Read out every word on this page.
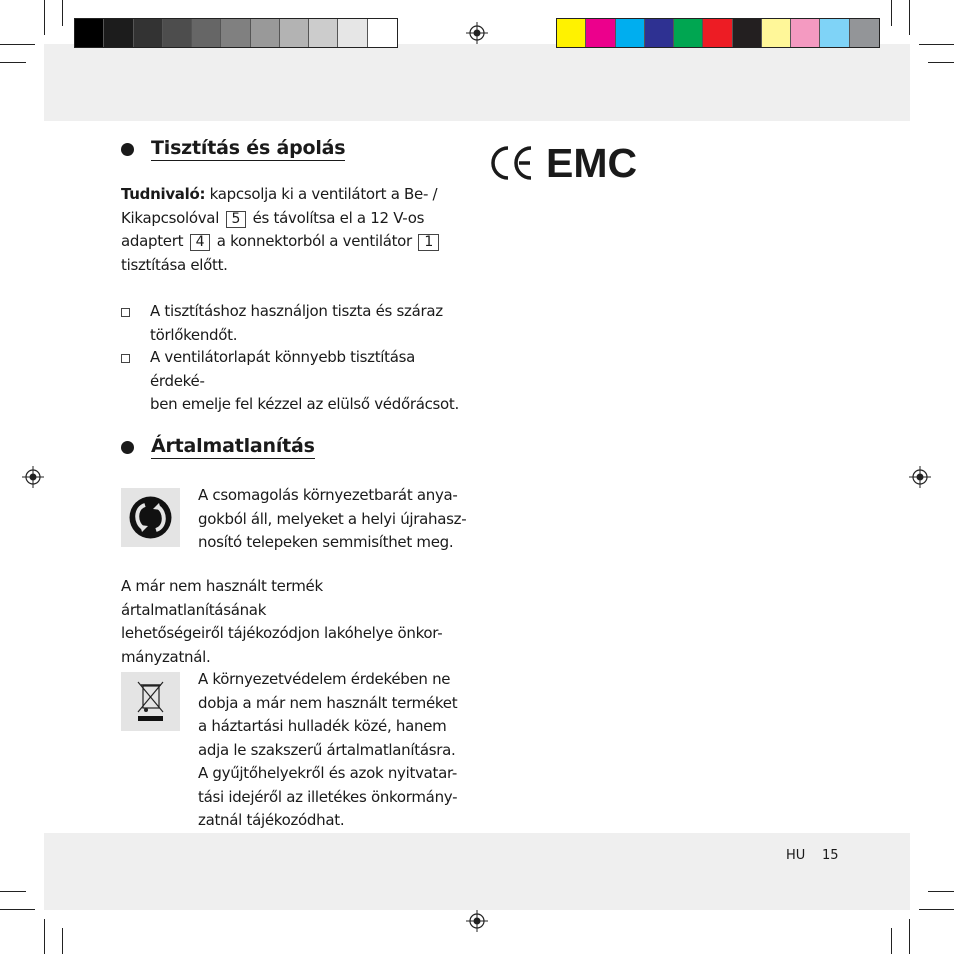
Tisztítás és ápolás

Tudnivaló: kapcsolja ki a ventilátort a Be- /

Kikapcsolóval 5 és távolítsa el a 12 V-os

adaptert 4 a konnektorból a ventilátor 1

tisztítása előtt.

A tisztításhoz használjon tiszta és száraz
törlőkendőt.
A ventilátorlapát könnyebb tisztítása érdeké-
ben emelje fel kézzel az elülső védőrácsot.
Ártalmatlanítás

A csomagolás környezetbarát anya-

gokból áll, melyeket a helyi újrahasz-

nosító telepeken semmisíthet meg.

A már nem használt termék ártalmatlanításának

lehetőségeiről tájékozódjon lakóhelye önkor-

mányzatnál.

A környezetvédelem érdekében ne

dobja a már nem használt terméket

a háztartási hulladék közé, hanem

adja le szakszerű ártalmatlanításra.

A gyűjtőhelyekről és azok nyitvatar-

tási idejéről az illetékes önkormány-

zatnál tájékozódhat.

EMC
HU 15
